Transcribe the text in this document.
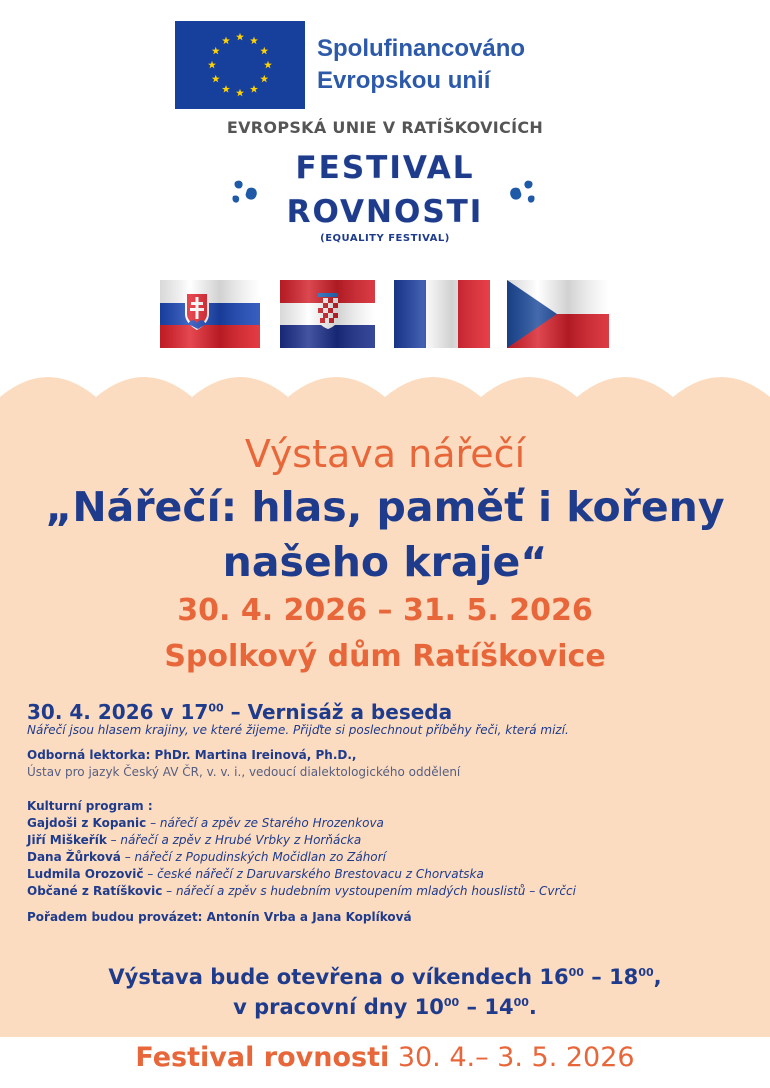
Spolufinancováno
Evropskou unií
EVROPSKÁ UNIE V RATÍŠKOVICÍCH
FESTIVAL
ROVNOSTI
(EQUALITY FESTIVAL)
Výstava nářečí
„Nářečí: hlas, paměť i kořeny
našeho kraje“
30. 4. 2026 – 31. 5. 2026
Spolkový dům Ratíškovice
30. 4. 2026 v $17^{00}$ – Vernisáž a beseda
Nářečí jsou hlasem krajiny, ve které žijeme. Přijďte si poslechnout příběhy řeči, která mizí.
Odborná lektorka: PhDr. Martina Ireinová, Ph.D.,
Ústav pro jazyk Český AV ČR, v. v. i., vedoucí dialektologického oddělení
Kulturní program :
Gajdoši z Kopanic – nářečí a zpěv ze Starého Hrozenkova
Jiří Miškeřík – nářečí a zpěv z Hrubé Vrbky z Horňácka
Dana Žůrková – nářečí z Popudinských Močidlan zo Záhorí
Ludmila Orozovič – české nářečí z Daruvarského Brestovacu z Chorvatska
Občané z Ratíškovic – nářečí a zpěv s hudebním vystoupením mladých houslistů – Cvrčci
Pořadem budou provázet: Antonín Vrba a Jana Koplíková
Výstava bude otevřena o víkendech $16^{00} - 18^{00}$,
v pracovní dny $10^{00} - 14^{00}$.
Festival rovnosti 30. 4.– 3. 5. 2026
